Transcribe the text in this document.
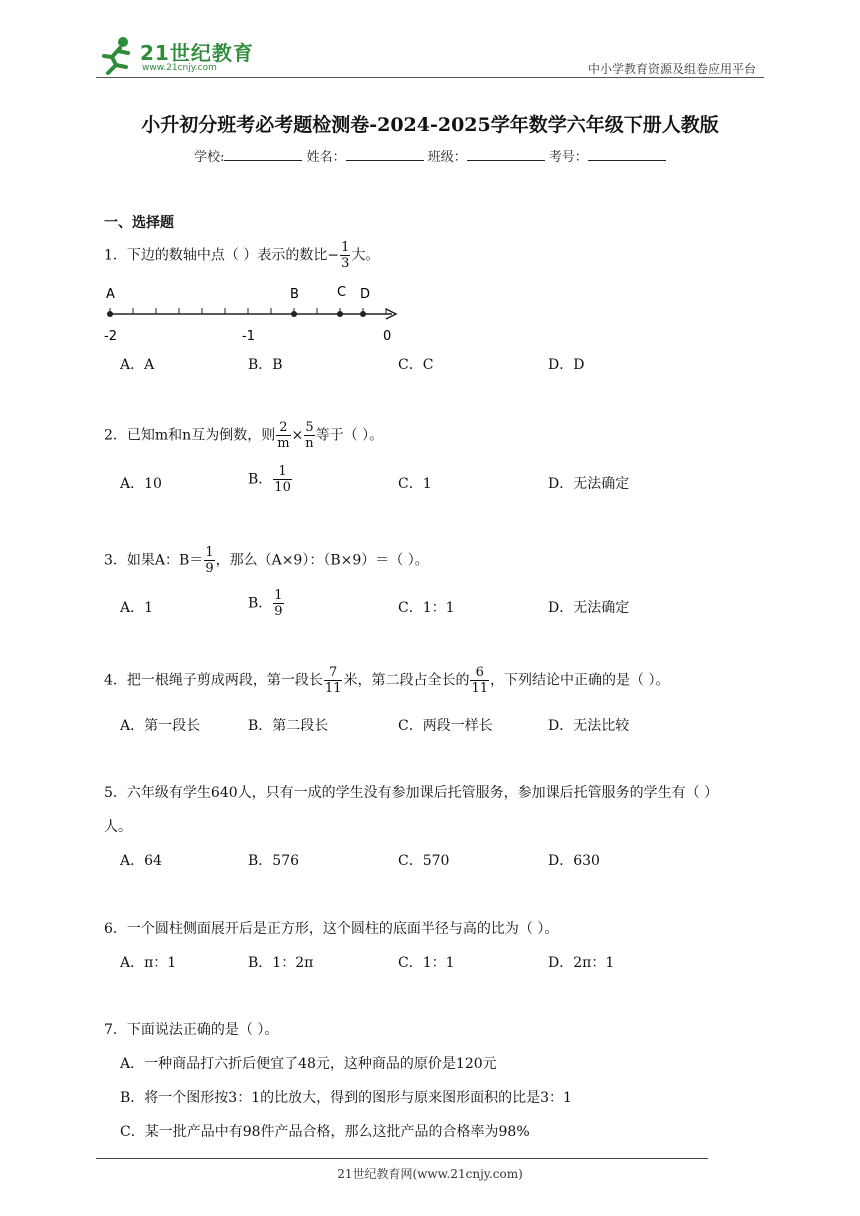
21世纪教育
www.21cnjy.com	中小学教育资源及组卷应用平台
小升初分班考必考题检测卷-2024-2025学年数学六年级下册人教版
学校:	姓名：	班级：	考号：
一、选择题
1．下边的数轴中点（ ）表示的数比− $\frac{1}{3}$ 大。
A	B	C D
-2	-1	0
A．A	B．B	C．C	D．D
2．已知m和n互为倒数，则 $\frac{2}{m} \times \frac{5}{n}$ 等于（ ）。
A．10	B． $\frac{1}{10}$	C．1	D．无法确定
3．如果A：$B= \frac{1}{9}$ ，那么（A×9）：（B×9）＝（ ）。
A．1	B． $\frac{1}{9}$	C．1：1	D．无法确定
4．把一根绳子剪成两段，第一段长 $\frac{7}{11}$ 米，第二段占全长的 $\frac{6}{11}$ ，下列结论中正确的是（ ）。
A．第一段长	B．第二段长	C．两段一样长	D．无法比较
5．六年级有学生640人，只有一成的学生没有参加课后托管服务，参加课后托管服务的学生有（ ）
人。
A．64	B．576	C．570	D．630
6．一个圆柱侧面展开后是正方形，这个圆柱的底面半径与高的比为（ ）。
A．π：1	B．1：2π	C．1：1	D．2π：1
7．下面说法正确的是（ ）。
A．一种商品打六折后便宜了48元，这种商品的原价是120元
B．将一个图形按3：1的比放大，得到的图形与原来图形面积的比是3：1
C．某一批产品中有98件产品合格，那么这批产品的合格率为98%
21世纪教育网(www.21cnjy.com)
